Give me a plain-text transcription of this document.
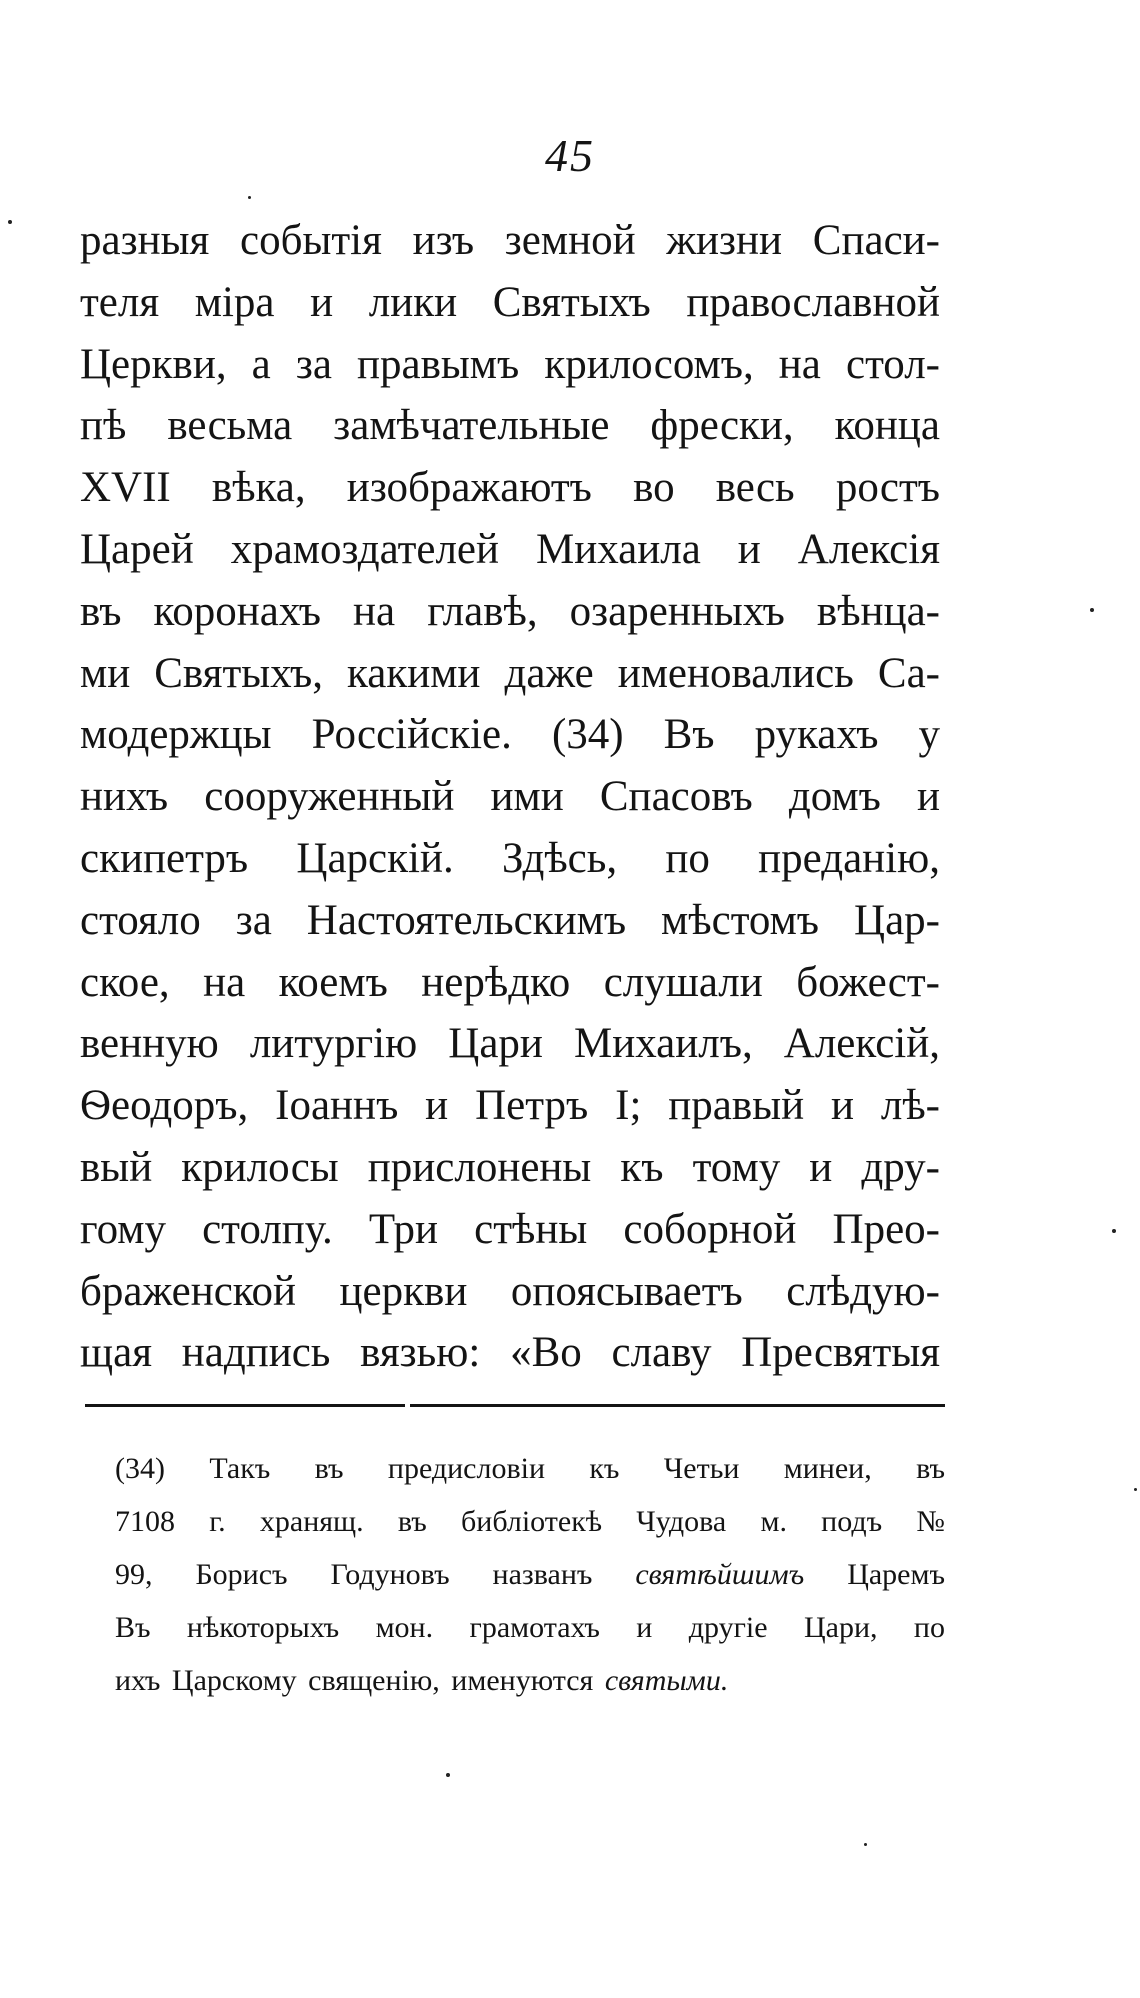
45
разныя событія изъ земной жизни Спаси-
теля міра и лики Святыхъ православной
Церкви, а за правымъ крилосомъ, на стол-
пѣ весьма замѣчательные фрески, конца
XVII вѣка, изображаютъ во весь ростъ
Царей храмоздателей Михаила и Алексія
въ коронахъ на главѣ, озаренныхъ вѣнца-
ми Святыхъ, какими даже именовались Са-
модержцы Россійскіе. (34) Въ рукахъ у
нихъ сооруженный ими Спасовъ домъ и
скипетръ Царскій. Здѣсь, по преданію,
стояло за Настоятельскимъ мѣстомъ Цар-
ское, на коемъ нерѣдко слушали божест-
венную литургію Цари Михаилъ, Алексій,
Ѳеодоръ, Іоаннъ и Петръ I; правый и лѣ-
вый крилосы прислонены къ тому и дру-
гому столпу. Три стѣны соборной Прео-
браженской церкви опоясываетъ слѣдую-
щая надпись вязью: «Во славу Пресвятыя
(34) Такъ въ предисловіи къ Четьи минеи, въ
7108 г. хранящ. въ библіотекѣ Чудова м. подъ №
99, Борисъ Годуновъ названъ святѣйшимъ Царемъ
Въ нѣкоторыхъ мон. грамотахъ и другіе Цари, по
ихъ Царскому священію, именуются святыми.
